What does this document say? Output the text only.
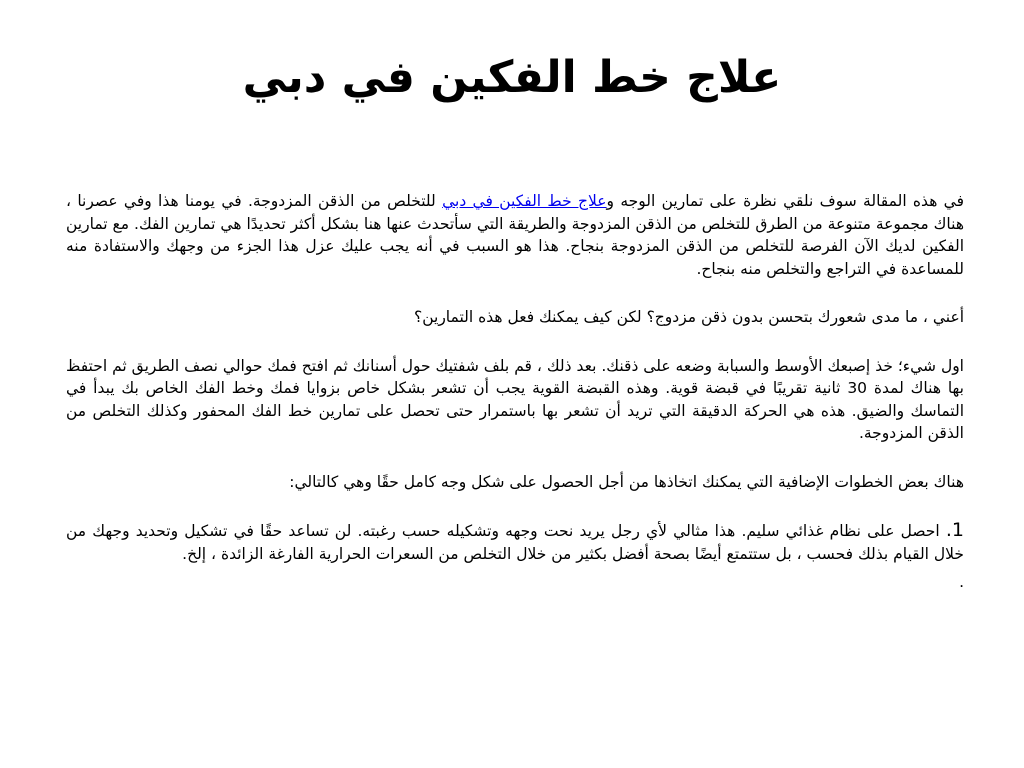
علاج خط الفكين في دبي

في هذه المقالة سوف نلقي نظرة على تمارين الوجه وعلاج خط الفكين في دبي للتخلص من الذقن المزدوجة. في يومنا هذا وفي عصرنا ، هناك مجموعة متنوعة من الطرق للتخلص من الذقن المزدوجة والطريقة التي سأتحدث عنها هنا بشكل أكثر تحديدًا هي تمارين الفك. مع تمارين الفكين لديك الآن الفرصة للتخلص من الذقن المزدوجة بنجاح. هذا هو السبب في أنه يجب عليك عزل هذا الجزء من وجهك والاستفادة منه للمساعدة في التراجع والتخلص منه بنجاح.

أعني ، ما مدى شعورك بتحسن بدون ذقن مزدوج؟ لكن كيف يمكنك فعل هذه التمارين؟

اول شيء؛ خذ إصبعك الأوسط والسبابة وضعه على ذقنك. بعد ذلك ، قم بلف شفتيك حول أسنانك ثم افتح فمك حوالي نصف الطريق ثم احتفظ بها هناك لمدة 30 ثانية تقريبًا في قبضة قوية. وهذه القبضة القوية يجب أن تشعر بشكل خاص بزوايا فمك وخط الفك الخاص بك يبدأ في التماسك والضيق. هذه هي الحركة الدقيقة التي تريد أن تشعر بها باستمرار حتى تحصل على تمارين خط الفك المحفور وكذلك التخلص من الذقن المزدوجة.

هناك بعض الخطوات الإضافية التي يمكنك اتخاذها من أجل الحصول على شكل وجه كامل حقًا وهي كالتالي:

1. احصل على نظام غذائي سليم. هذا مثالي لأي رجل يريد نحت وجهه وتشكيله حسب رغبته. لن تساعد حقًا في تشكيل وتحديد وجهك من خلال القيام بذلك فحسب ، بل ستتمتع أيضًا بصحة أفضل بكثير من خلال التخلص من السعرات الحرارية الفارغة الزائدة ، إلخ.

.
